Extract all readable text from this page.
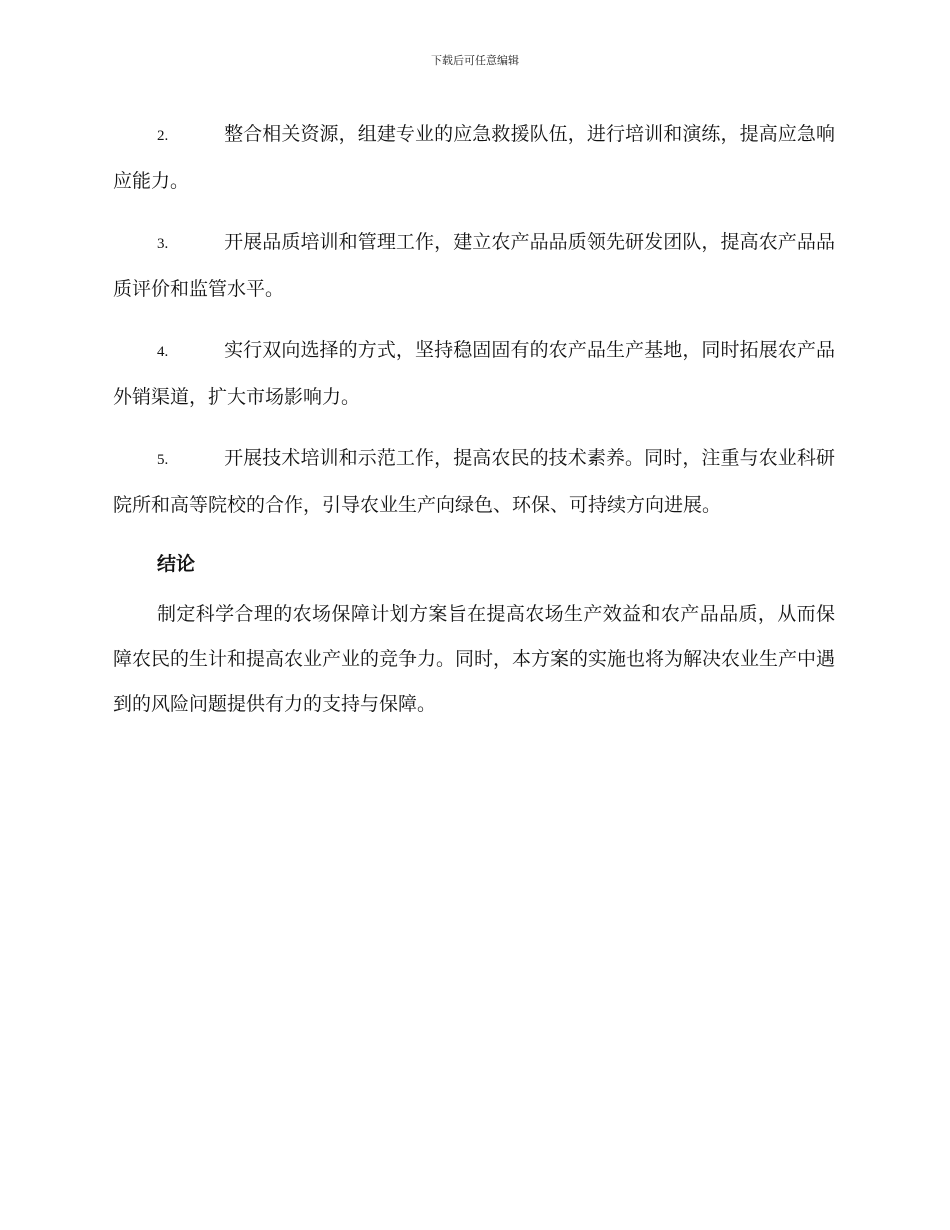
下载后可任意编辑

2.	整合相关资源，组建专业的应急救援队伍，进行培训和演练，提高应急响应能力。

3.	开展品质培训和管理工作，建立农产品品质领先研发团队，提高农产品品质评价和监管水平。

4.	实行双向选择的方式，坚持稳固固有的农产品生产基地，同时拓展农产品外销渠道，扩大市场影响力。

5.	开展技术培训和示范工作，提高农民的技术素养。同时，注重与农业科研院所和高等院校的合作，引导农业生产向绿色、环保、可持续方向进展。

结论

制定科学合理的农场保障计划方案旨在提高农场生产效益和农产品品质，从而保障农民的生计和提高农业产业的竞争力。同时，本方案的实施也将为解决农业生产中遇到的风险问题提供有力的支持与保障。
